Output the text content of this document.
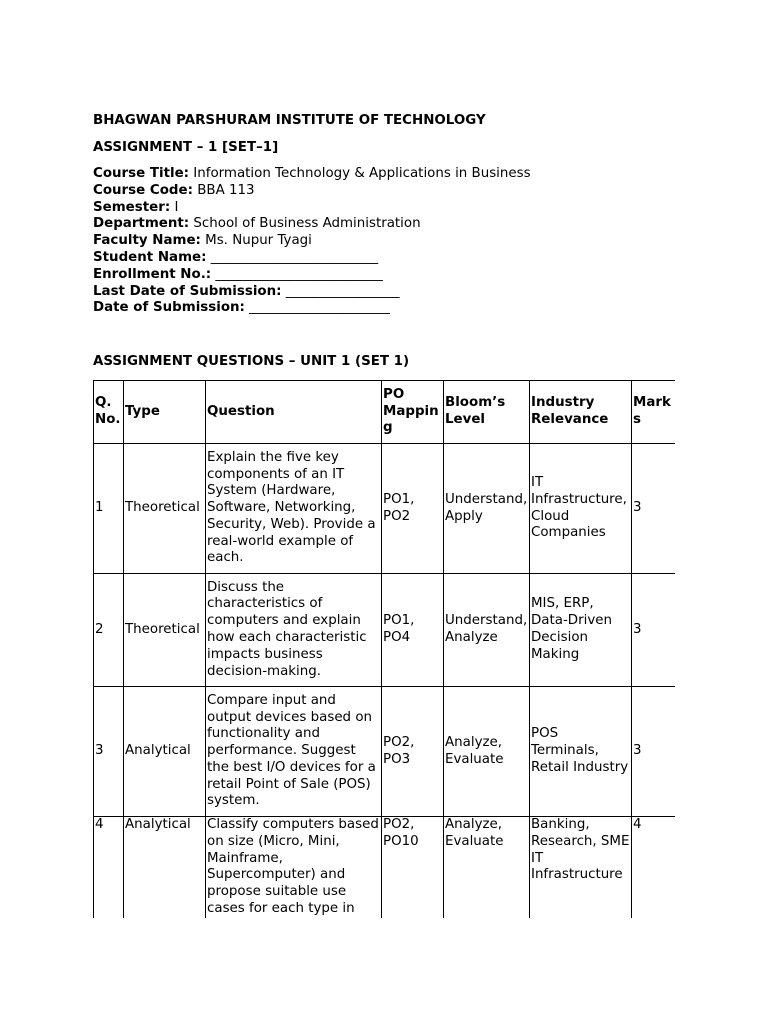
BHAGWAN PARSHURAM INSTITUTE OF TECHNOLOGY
ASSIGNMENT – 1 [SET–1]
Course Title: Information Technology & Applications in Business
Course Code: BBA 113
Semester: I
Department: School of Business Administration
Faculty Name: Ms. Nupur Tyagi
Student Name: _________________________
Enrollment No.: _________________________
Last Date of Submission: _________________
Date of Submission: _____________________
ASSIGNMENT QUESTIONS – UNIT 1 (SET 1)
Q. No.	Type	Question	PO Mapping	Bloom’s Level	Industry Relevance	Marks
1	Theoretical	Explain the five key components of an IT System (Hardware, Software, Networking, Security, Web). Provide a real-world example of each.	PO1, PO2	Understand, Apply	IT Infrastructure, Cloud Companies	3
2	Theoretical	Discuss the characteristics of computers and explain how each characteristic impacts business decision-making.	PO1, PO4	Understand, Analyze	MIS, ERP, Data-Driven Decision Making	3
3	Analytical	Compare input and output devices based on functionality and performance. Suggest the best I/O devices for a retail Point of Sale (POS) system.	PO2, PO3	Analyze, Evaluate	POS Terminals, Retail Industry	3

4	Analytical	Classify computers based on size (Micro, Mini, Mainframe, Supercomputer) and propose suitable use cases for each type in	PO2, PO10	Analyze, Evaluate	Banking, Research, SME IT Infrastructure	4
